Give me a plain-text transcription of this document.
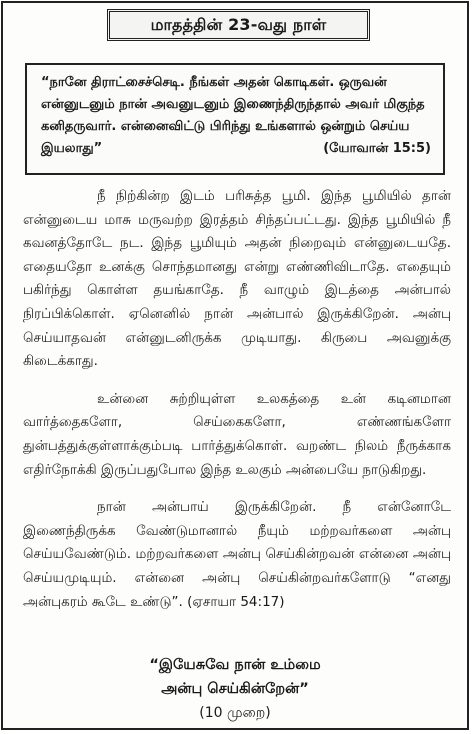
மாதத்தின் 23-வது நாள்
“நானே திராட்சைச்செடி. நீங்கள் அதன் கொடிகள். ஒருவன் என்னுடனும் நான் அவனுடனும் இணைந்திருந்தால் அவர் மிகுந்த கனிதருவார். என்னைவிட்டு பிரிந்து உங்களால் ஒன்றும் செய்ய இயலாது”	(யோவான் 15:5)

நீ நிற்கின்ற இடம் பரிசுத்த பூமி. இந்த பூமியில் தான் என்னுடைய மாசு மருவற்ற இரத்தம் சிந்தப்பட்டது. இந்த பூமியில் நீ கவனத்தோடே நட. இந்த பூமியும் அதன் நிறைவும் என்னுடையதே. எதையதோ உனக்கு சொந்தமானது என்று எண்ணிவிடாதே. எதையும் பகிர்ந்து கொள்ள தயங்காதே. நீ வாழும் இடத்தை அன்பால் நிரப்பிக்கொள். ஏனெனில் நான் அன்பால் இருக்கிறேன். அன்பு செய்யாதவன் என்னுடனிருக்க முடியாது. கிருபை அவனுக்கு கிடைக்காது.

உன்னை சுற்றியுள்ள உலகத்தை உன் கடினமான வார்த்தைகளோ, செய்கைகளோ, எண்ணங்களோ துன்பத்துக்குள்ளாக்கும்படி பார்த்துக்கொள். வறண்ட நிலம் நீருக்காக எதிர்நோக்கி இருப்பதுபோல இந்த உலகும் அன்பையே நாடுகிறது.

நான் அன்பாய் இருக்கிறேன். நீ என்னோடே இணைந்திருக்க வேண்டுமானால் நீயும் மற்றவர்களை அன்பு செய்யவேண்டும். மற்றவர்களை அன்பு செய்கின்றவன் என்னை அன்பு செய்யமுடியும். என்னை அன்பு செய்கின்றவர்களோடு “எனது அன்புகரம் கூடே உண்டு”. (ஏசாயா 54:17)

“இயேசுவே நான் உம்மை
அன்பு செய்கின்றேன்”
(10 முறை)
